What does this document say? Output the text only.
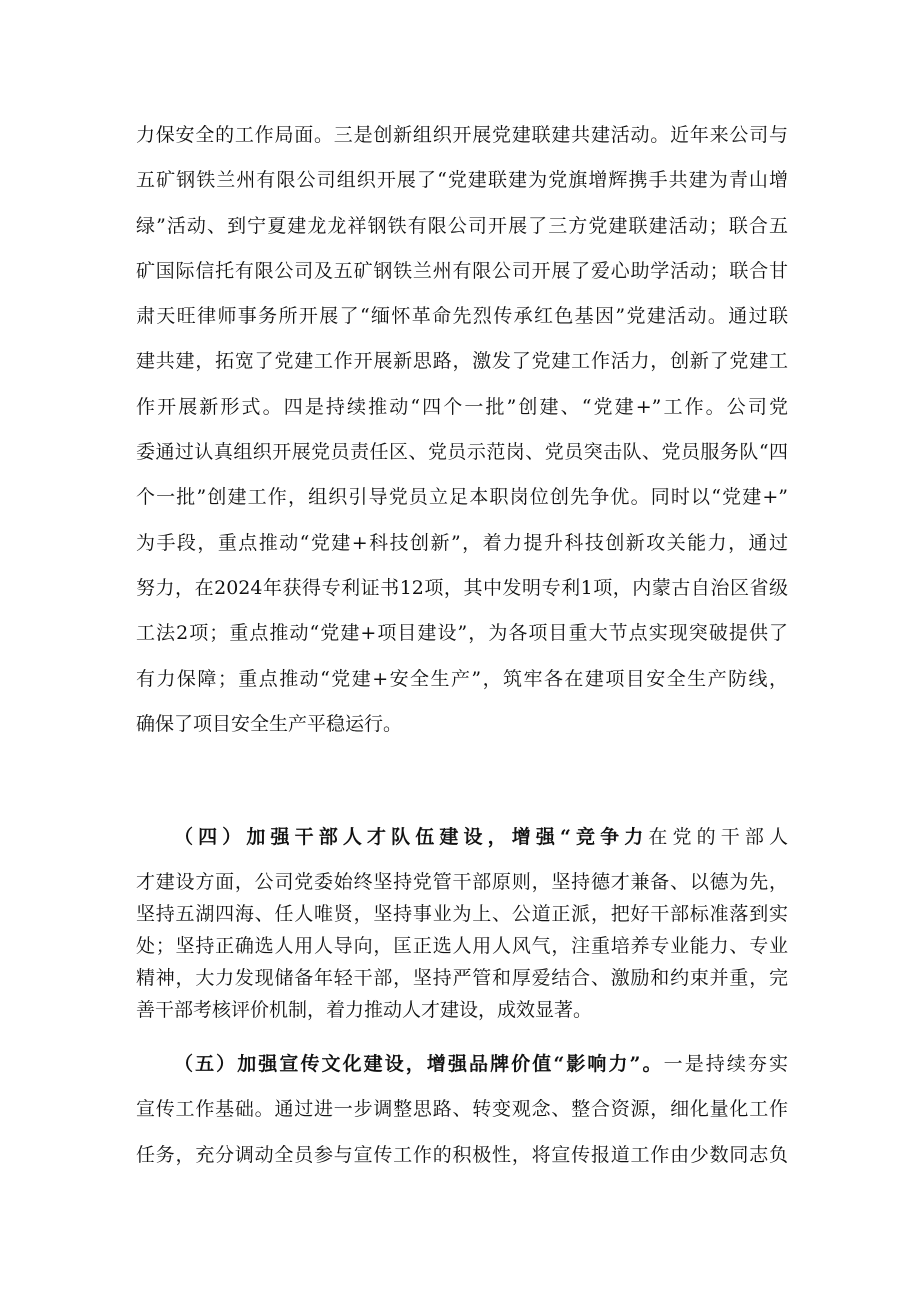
力保安全的工作局面。三是创新组织开展党建联建共建活动。近年来公司与
五矿钢铁兰州有限公司组织开展了“党建联建为党旗增辉携手共建为青山增
绿”活动、到宁夏建龙龙祥钢铁有限公司开展了三方党建联建活动；联合五
矿国际信托有限公司及五矿钢铁兰州有限公司开展了爱心助学活动；联合甘
肃天旺律师事务所开展了“缅怀革命先烈传承红色基因”党建活动。通过联
建共建，拓宽了党建工作开展新思路，激发了党建工作活力，创新了党建工
作开展新形式。四是持续推动“四个一批”创建、“党建+”工作。公司党
委通过认真组织开展党员责任区、党员示范岗、党员突击队、党员服务队“四
个一批”创建工作，组织引导党员立足本职岗位创先争优。同时以“党建+”
为手段，重点推动“党建+科技创新”，着力提升科技创新攻关能力，通过
努力，在2024年获得专利证书12项，其中发明专利1项，内蒙古自治区省级
工法2项；重点推动“党建+项目建设”，为各项目重大节点实现突破提供了
有力保障；重点推动“党建+安全生产”，筑牢各在建项目安全生产防线，
确保了项目安全生产平稳运行。
（四）加强干部人才队伍建设，增强“竞争力在党的干部人
才建设方面，公司党委始终坚持党管干部原则，坚持德才兼备、以德为先，
坚持五湖四海、任人唯贤，坚持事业为上、公道正派，把好干部标准落到实
处；坚持正确选人用人导向，匡正选人用人风气，注重培养专业能力、专业
精神，大力发现储备年轻干部，坚持严管和厚爱结合、激励和约束并重，完
善干部考核评价机制，着力推动人才建设，成效显著。
（五）加强宣传文化建设，增强品牌价值“影响力”。一是持续夯实
宣传工作基础。通过进一步调整思路、转变观念、整合资源，细化量化工作
任务，充分调动全员参与宣传工作的积极性，将宣传报道工作由少数同志负
